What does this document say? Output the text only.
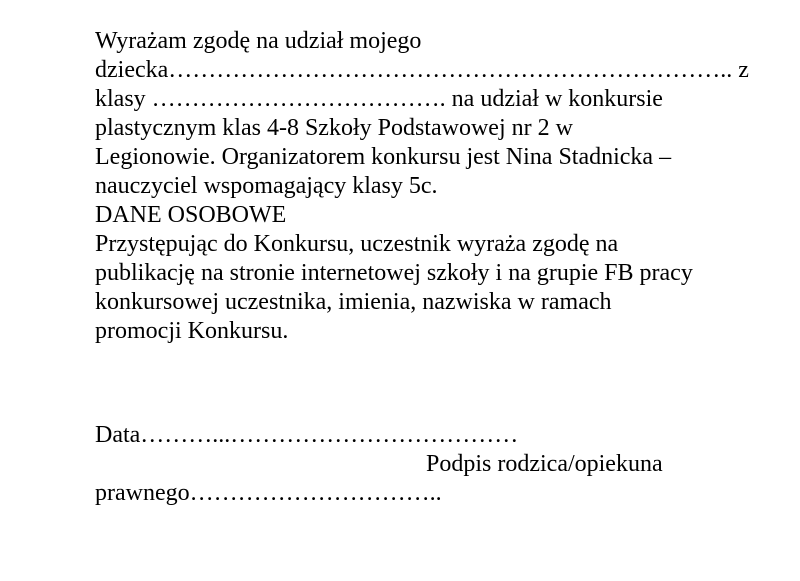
Wyrażam zgodę na udział mojego
dziecka…………………………………………………………….. z
klasy ………………………………. na udział w konkursie
plastycznym klas 4-8 Szkoły Podstawowej nr 2 w
Legionowie. Organizatorem konkursu jest Nina Stadnicka –
nauczyciel wspomagający klasy 5c.
DANE OSOBOWE
Przystępując do Konkursu, uczestnik wyraża zgodę na
publikację na stronie internetowej szkoły i na grupie FB pracy
konkursowej uczestnika, imienia, nazwiska w ramach
promocji Konkursu.
Data………...………………………………
Podpis rodzica/opiekuna
prawnego…………………………..
